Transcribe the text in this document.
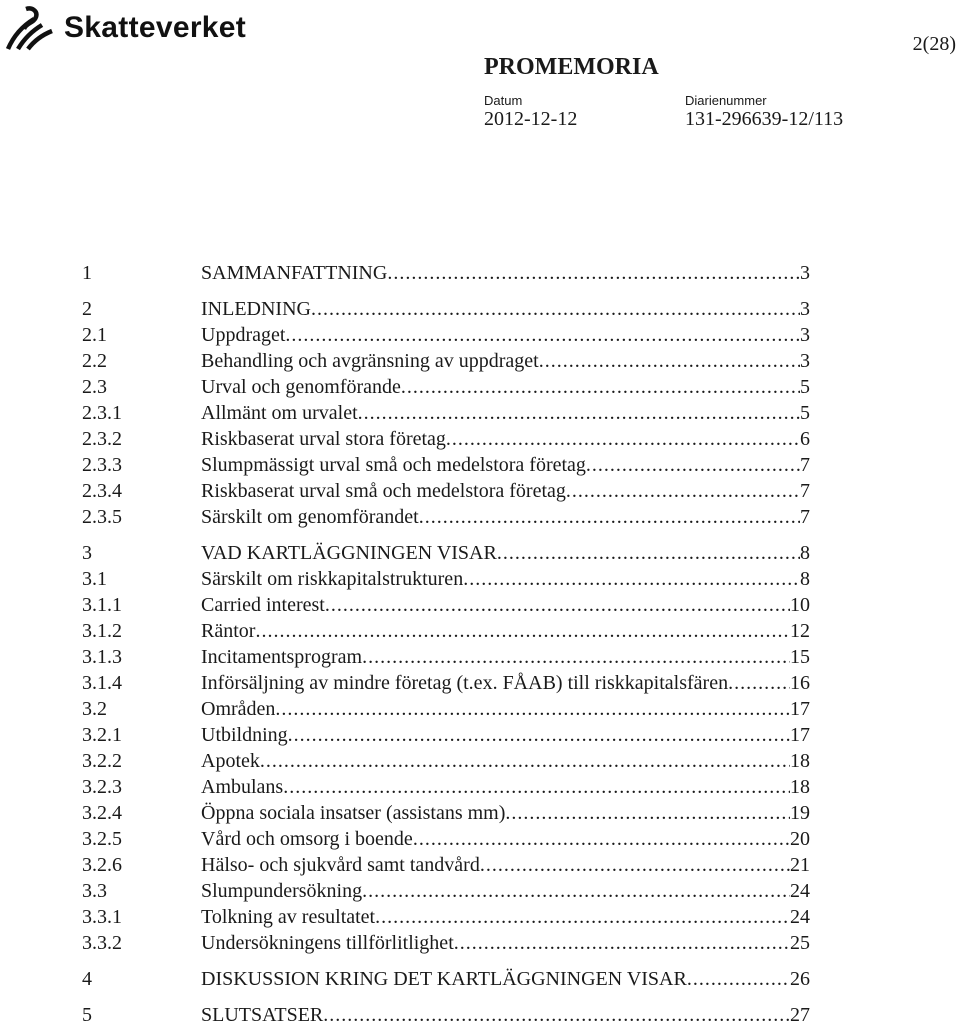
Skatteverket	2(28)
PROMEMORIA
Datum
2012-12-12
Diarienummer
131-296639-12/113
1	SAMMANFATTNING .....	3
2	INLEDNING .....	3
2.1	Uppdraget .....	3
2.2	Behandling och avgränsning av uppdraget .....	3
2.3	Urval och genomförande .....	5
2.3.1	Allmänt om urvalet .....	5
2.3.2	Riskbaserat urval stora företag .....	6
2.3.3	Slumpmässigt urval små och medelstora företag .....	7
2.3.4	Riskbaserat urval små och medelstora företag .....	7
2.3.5	Särskilt om genomförandet .....	7
3	VAD KARTLÄGGNINGEN VISAR .....	8
3.1	Särskilt om riskkapitalstrukturen .....	8
3.1.1	Carried interest .....	10
3.1.2	Räntor .....	12
3.1.3	Incitamentsprogram .....	15
3.1.4	Införsäljning av mindre företag (t.ex. FÅAB) till riskkapitalsfären .....	16
3.2	Områden .....	17
3.2.1	Utbildning .....	17
3.2.2	Apotek .....	18
3.2.3	Ambulans .....	18
3.2.4	Öppna sociala insatser (assistans mm) .....	19
3.2.5	Vård och omsorg i boende .....	20
3.2.6	Hälso- och sjukvård samt tandvård .....	21
3.3	Slumpundersökning .....	24
3.3.1	Tolkning av resultatet .....	24
3.3.2	Undersökningens tillförlitlighet .....	25
4	DISKUSSION KRING DET KARTLÄGGNINGEN VISAR .....	26
5	SLUTSATSER .....	27
